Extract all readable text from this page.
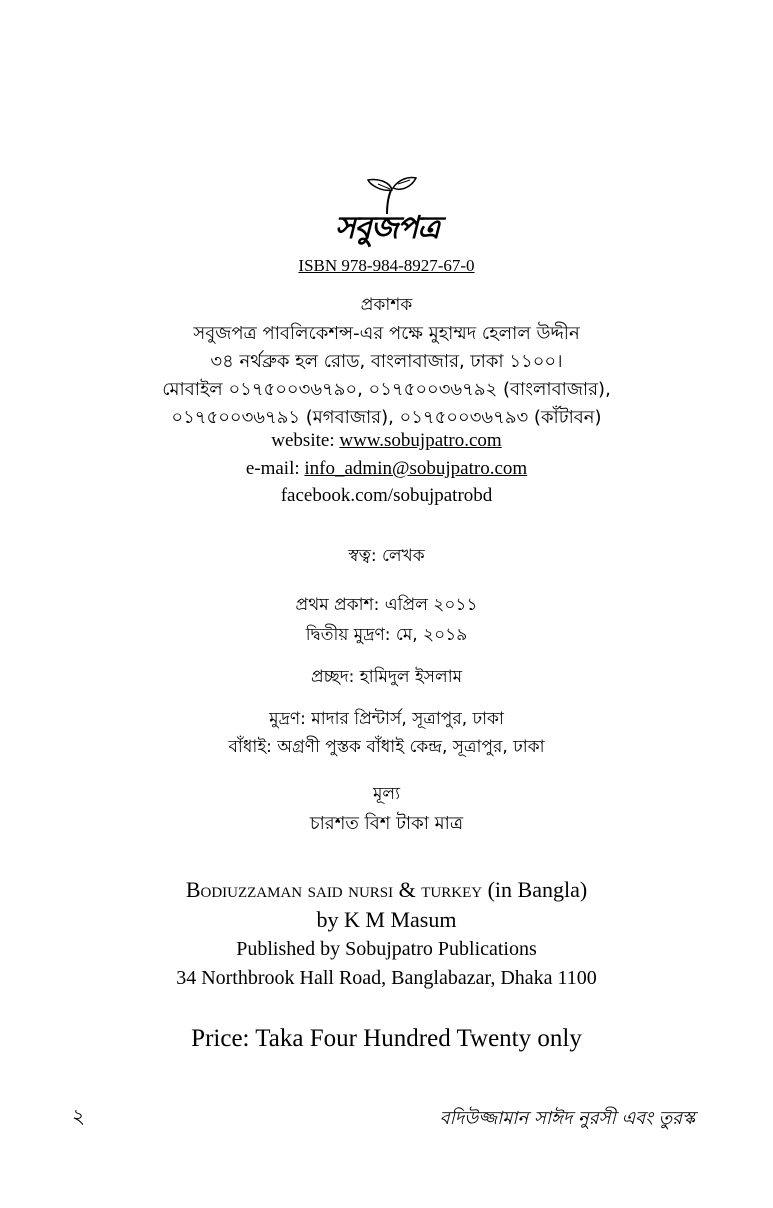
সবুজপত্র
ISBN 978-984-8927-67-0
প্রকাশক
সবুজপত্র পাবলিকেশন্স-এর পক্ষে মুহাম্মদ হেলাল উদ্দীন
৩৪ নর্থব্রুক হল রোড, বাংলাবাজার, ঢাকা ১১০০।
মোবাইল ০১৭৫০০৩৬৭৯০, ০১৭৫০০৩৬৭৯২ (বাংলাবাজার),
০১৭৫০০৩৬৭৯১ (মগবাজার), ০১৭৫০০৩৬৭৯৩ (কাঁটাবন)
website: www.sobujpatro.com
e-mail: info_admin@sobujpatro.com
facebook.com/sobujpatrobd
স্বত্ব: লেখক
প্রথম প্রকাশ: এপ্রিল ২০১১
দ্বিতীয় মুদ্রণ: মে, ২০১৯
প্রচ্ছদ: হামিদুল ইসলাম
মুদ্রণ: মাদার প্রিন্টার্স, সূত্রাপুর, ঢাকা
বাঁধাই: অগ্রণী পুস্তক বাঁধাই কেন্দ্র, সূত্রাপুর, ঢাকা
মূল্য
চারশত বিশ টাকা মাত্র
Bodiuzzaman said nursi & turkey (in Bangla)
by K M Masum
Published by Sobujpatro Publications
34 Northbrook Hall Road, Banglabazar, Dhaka 1100
Price: Taka Four Hundred Twenty only
২	বদিউজ্জামান সাঈদ নুরসী এবং তুরস্ক
